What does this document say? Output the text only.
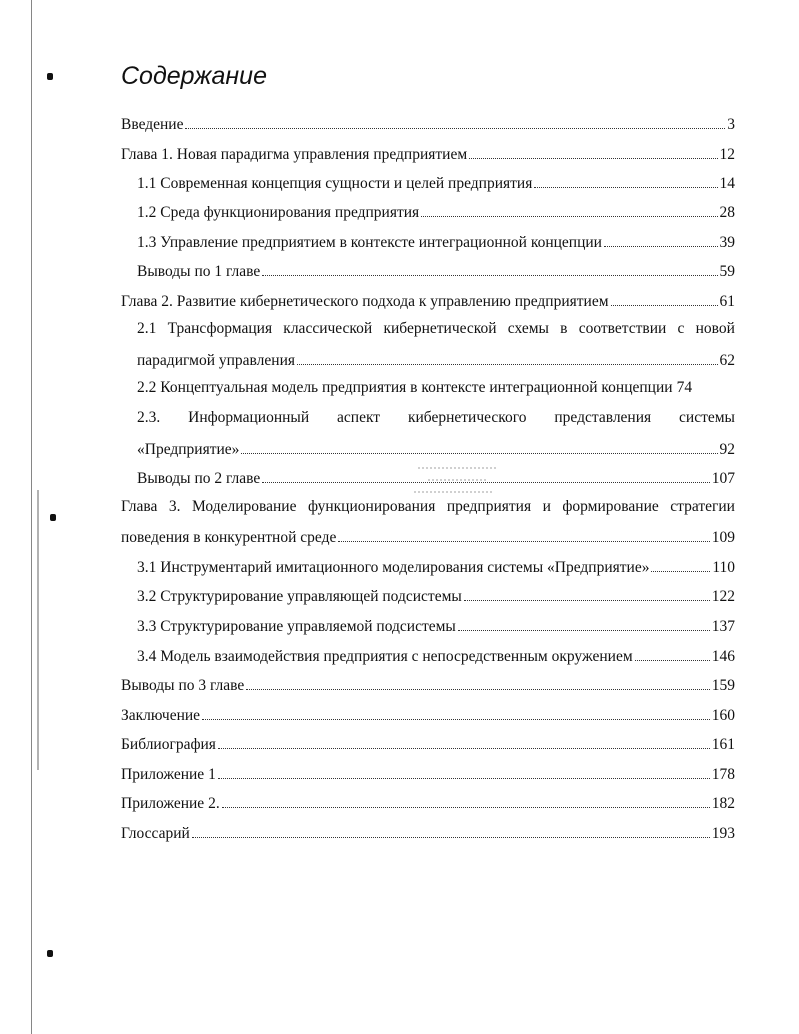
Содержание
Введение	3
Глава 1. Новая парадигма управления предприятием	12
1.1 Современная концепция сущности и целей предприятия	14
1.2 Среда функционирования предприятия	28
1.3 Управление предприятием в контексте интеграционной концепции	39
Выводы по 1 главе	59
Глава 2. Развитие кибернетического подхода к управлению предприятием	61
2.1 Трансформация классической кибернетической схемы в соответствии с новой
парадигмой управления	62
2.2 Концептуальная модель предприятия в контексте интеграционной концепции 74
2.3. Информационный аспект кибернетического представления системы
«Предприятие»	92
Выводы по 2 главе	107
Глава 3. Моделирование функционирования предприятия и формирование стратегии
поведения в конкурентной среде	109
3.1 Инструментарий имитационного моделирования системы «Предприятие»	110
3.2 Структурирование управляющей подсистемы	122
3.3 Структурирование управляемой подсистемы	137
3.4 Модель взаимодействия предприятия с непосредственным окружением	146
Выводы по 3 главе	159
Заключение	160
Библиография	161
Приложение 1	178
Приложение 2.	182
Глоссарий	193
